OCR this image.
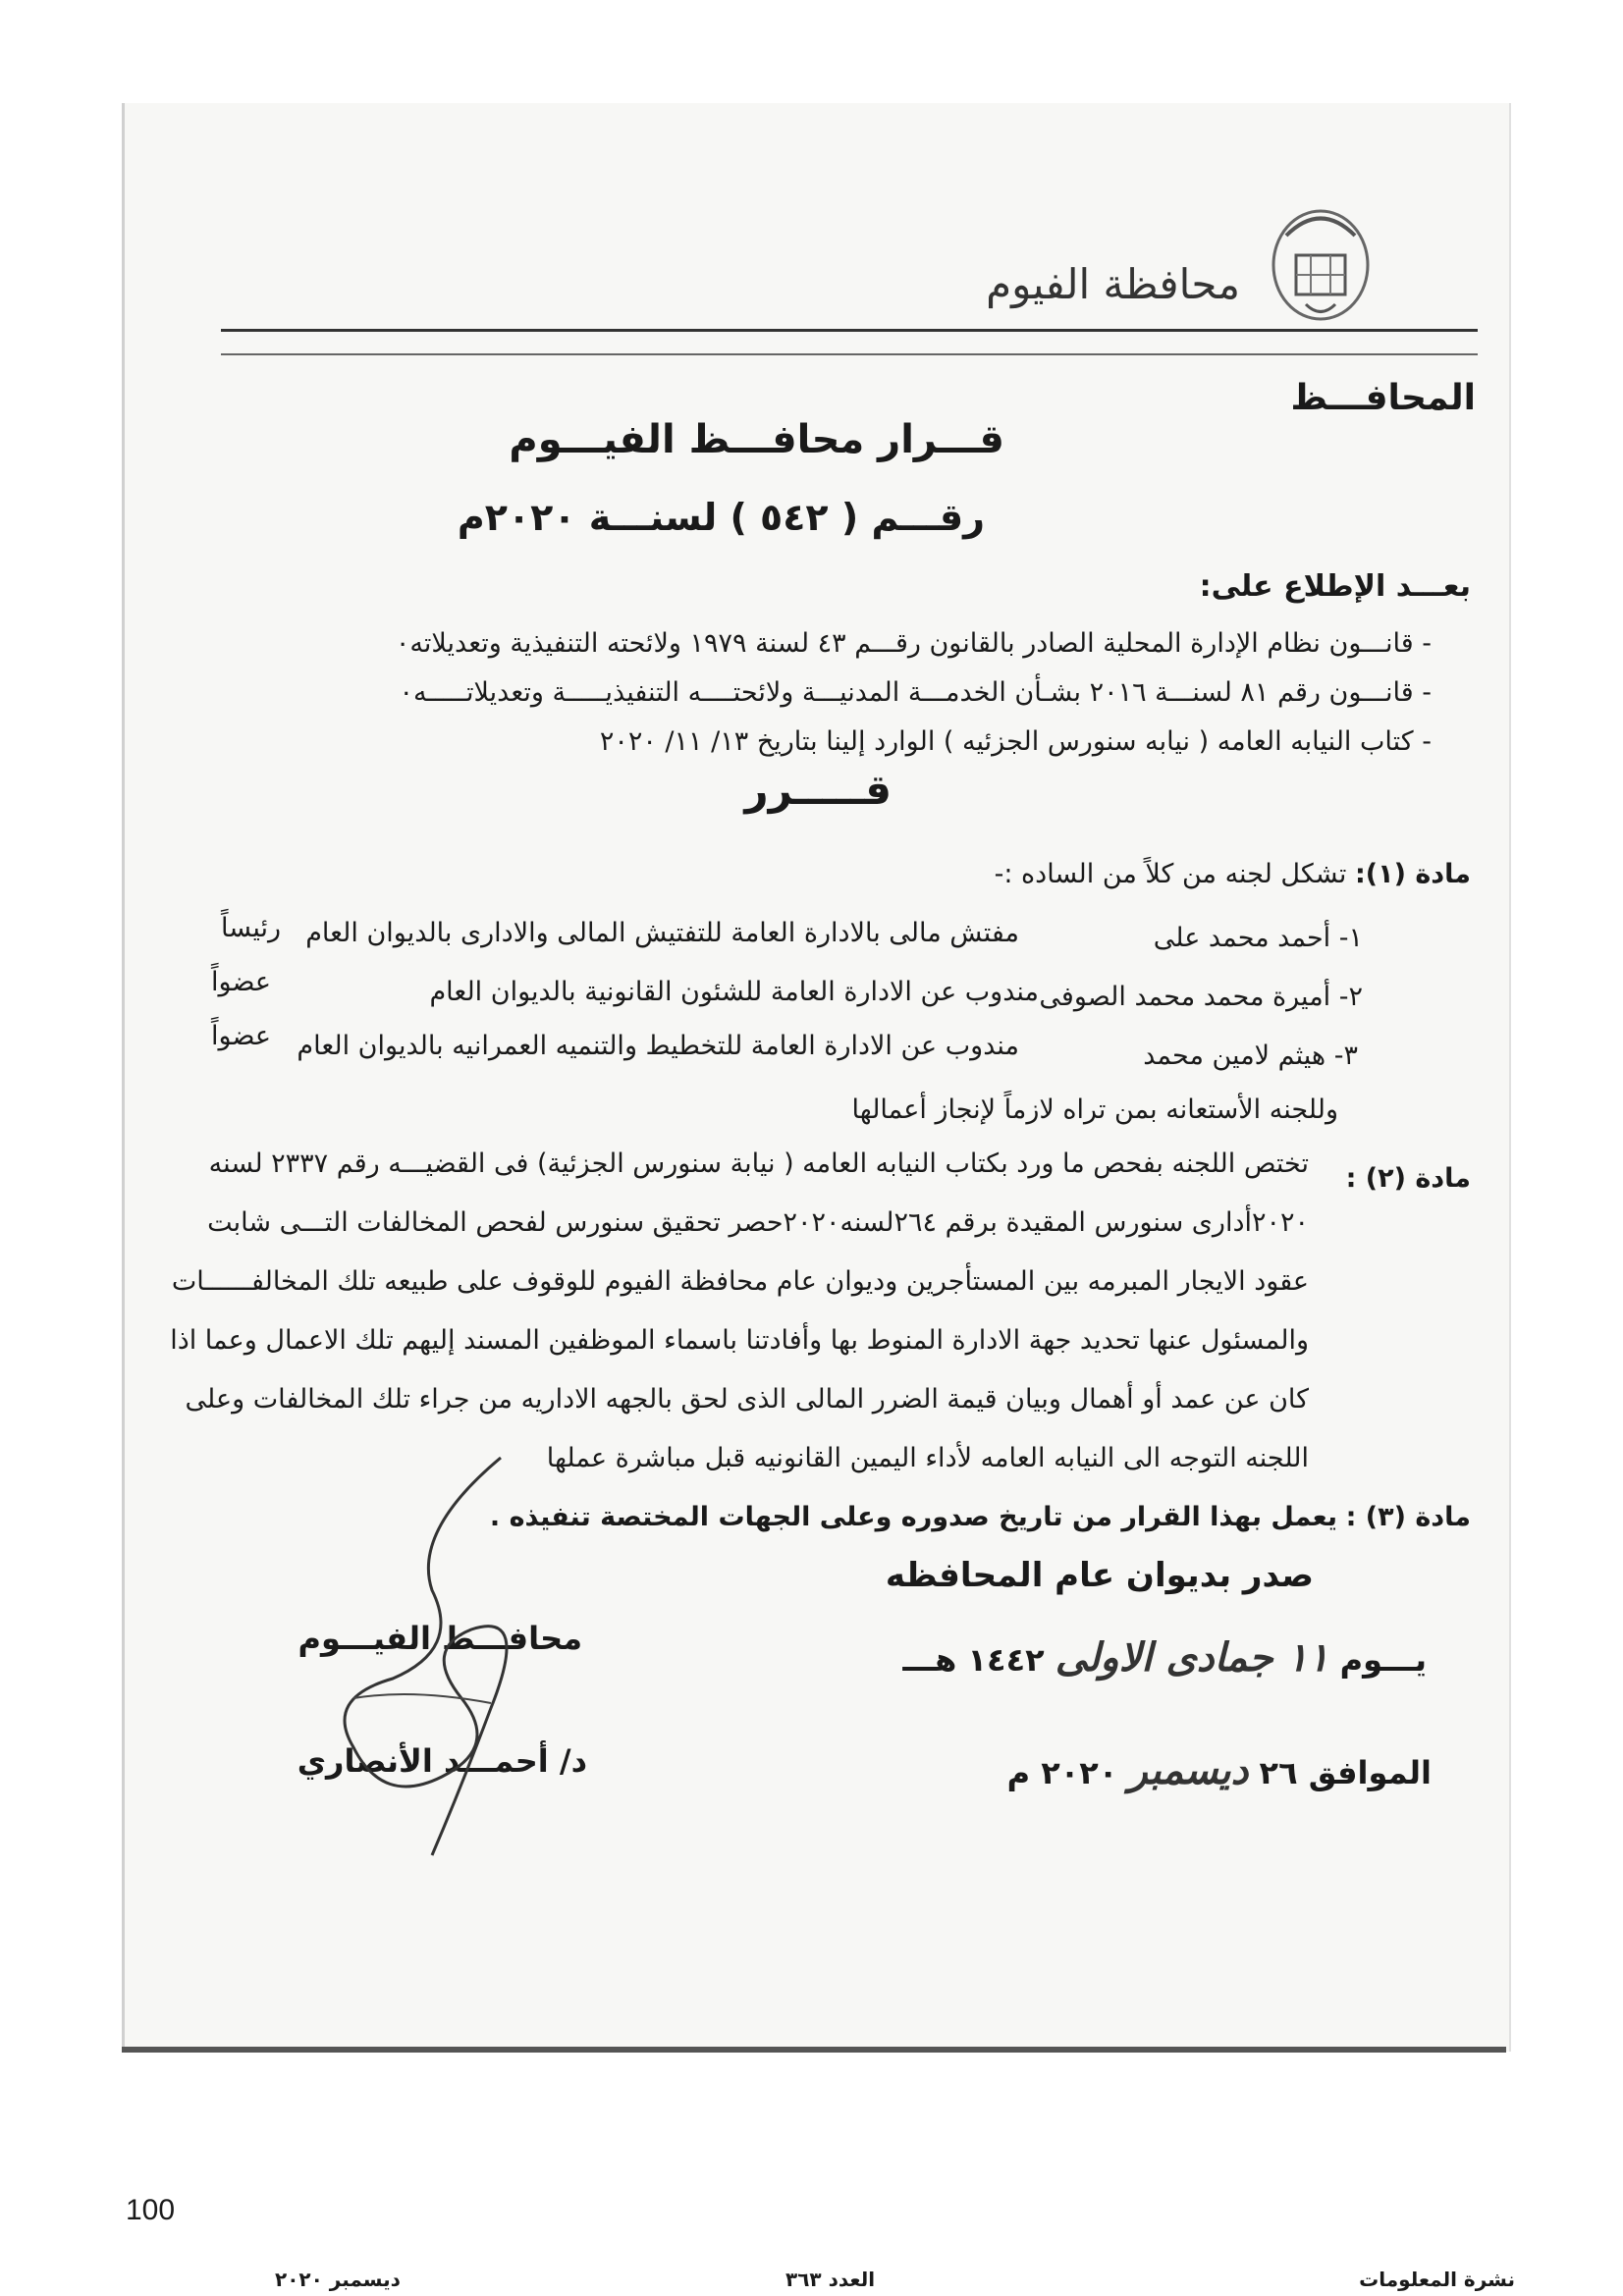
محافظة الفيوم
المحافـــظ
قـــرار محافـــظ الفيـــوم
رقـــم ( ٥٤٢ ) لسنـــة ٢٠٢٠م
بعـــد الإطلاع على:
- قانـــون نظام الإدارة المحلية الصادر بالقانون رقـــم ٤٣ لسنة ١٩٧٩ ولائحته التنفيذية وتعديلاته٠
- قانـــون رقم ٨١ لسنـــة ٢٠١٦ بشـأن الخدمـــة المدنيـــة ولائحتــــه التنفيذيـــــة وتعديلاتـــــه٠
- كتاب النيابه العامه ( نيابه سنورس الجزئيه ) الوارد إلينا بتاريخ ١٣/ ١١/ ٢٠٢٠
قـــــرر
مادة (١): تشكل لجنه من كلاً من الساده :-
١- أحمد محمد على
مفتش مالى بالادارة العامة للتفتيش المالى والادارى بالديوان العام
رئيساً
٢- أميرة محمد محمد الصوفى
مندوب عن الادارة العامة للشئون القانونية بالديوان العام
عضواً
٣- هيثم لامين محمد
مندوب عن الادارة العامة للتخطيط والتنميه العمرانيه بالديوان العام
عضواً
وللجنه الأستعانه بمن تراه لازماً لإنجاز أعمالها
مادة (٢) :
تختص اللجنه بفحص ما ورد بكتاب النيابه العامه ( نيابة سنورس الجزئية) فى القضيـــه رقم ٢٣٣٧ لسنه
٢٠٢٠أدارى سنورس المقيدة برقم ٢٦٤لسنه٢٠٢٠حصر تحقيق سنورس لفحص المخالفات التـــى شابت
عقود الايجار المبرمه بين المستأجرين وديوان عام محافظة الفيوم للوقوف على طبيعه تلك المخالفــــــات
والمسئول عنها تحديد جهة الادارة المنوط بها وأفادتنا باسماء الموظفين المسند إليهم تلك الاعمال وعما اذا
كان عن عمد أو أهمال وبيان قيمة الضرر المالى الذى لحق بالجهه الاداريه من جراء تلك المخالفات وعلى
اللجنه التوجه الى النيابه العامه لأداء اليمين القانونيه قبل مباشرة عملها
مادة (٣) : يعمل بهذا القرار من تاريخ صدوره وعلى الجهات المختصة تنفيذه .
صدر بديوان عام المحافظه
يـــوم ١١ جمادى الاولى ١٤٤٢ هـــ
الموافق ٢٦ ديسمبر ٢٠٢٠ م
محافـــظ الفيـــوم
د/ أحمـــد الأنصاري
100
نشرة المعلومات
العدد ٣٦٣
ديسمبر ٢٠٢٠
